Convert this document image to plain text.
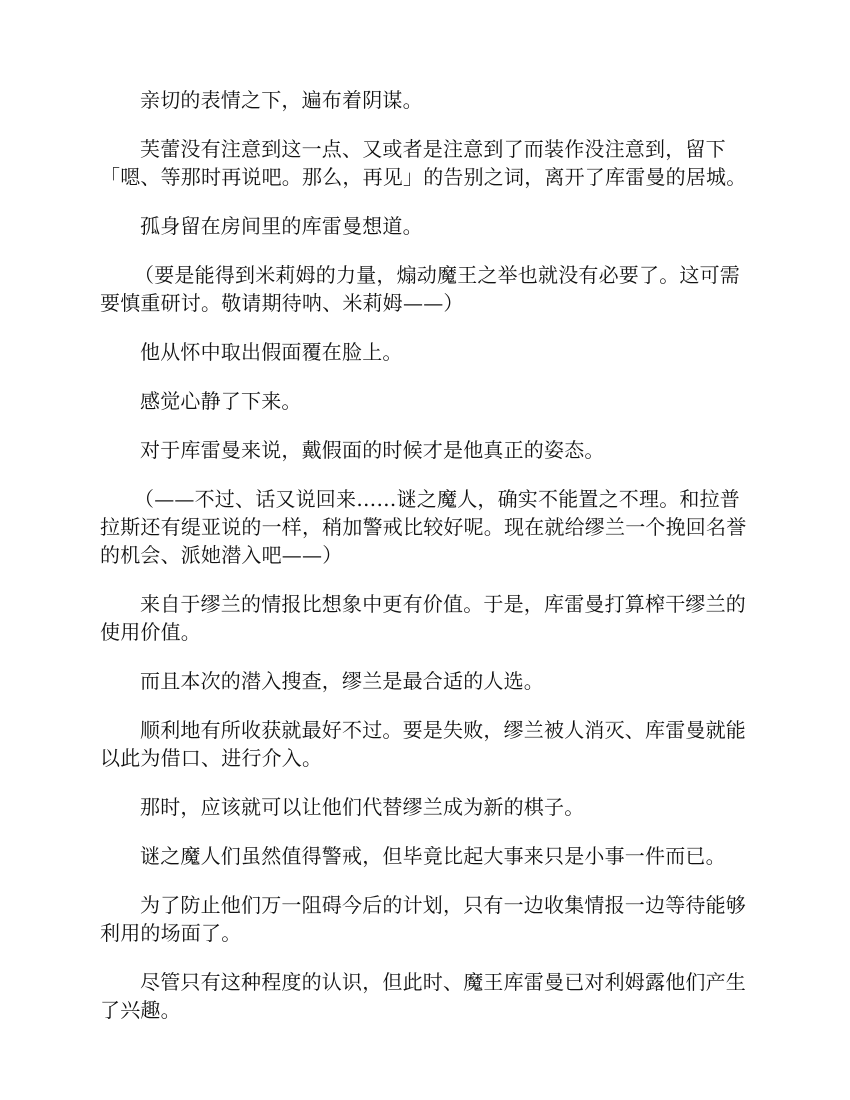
亲切的表情之下，遍布着阴谋。

芙蕾没有注意到这一点、又或者是注意到了而装作没注意到，留下「嗯、等那时再说吧。那么，再见」的告别之词，离开了库雷曼的居城。

孤身留在房间里的库雷曼想道。

（要是能得到米莉姆的力量，煽动魔王之举也就没有必要了。这可需要慎重研讨。敬请期待呐、米莉姆——）

他从怀中取出假面覆在脸上。

感觉心静了下来。

对于库雷曼来说，戴假面的时候才是他真正的姿态。

（——不过、话又说回来……谜之魔人，确实不能置之不理。和拉普拉斯还有缇亚说的一样，稍加警戒比较好呢。现在就给缪兰一个挽回名誉的机会、派她潜入吧——）

来自于缪兰的情报比想象中更有价值。于是，库雷曼打算榨干缪兰的使用价值。

而且本次的潜入搜查，缪兰是最合适的人选。

顺利地有所收获就最好不过。要是失败，缪兰被人消灭、库雷曼就能以此为借口、进行介入。

那时，应该就可以让他们代替缪兰成为新的棋子。

谜之魔人们虽然值得警戒，但毕竟比起大事来只是小事一件而已。

为了防止他们万一阻碍今后的计划，只有一边收集情报一边等待能够利用的场面了。

尽管只有这种程度的认识，但此时、魔王库雷曼已对利姆露他们产生了兴趣。
